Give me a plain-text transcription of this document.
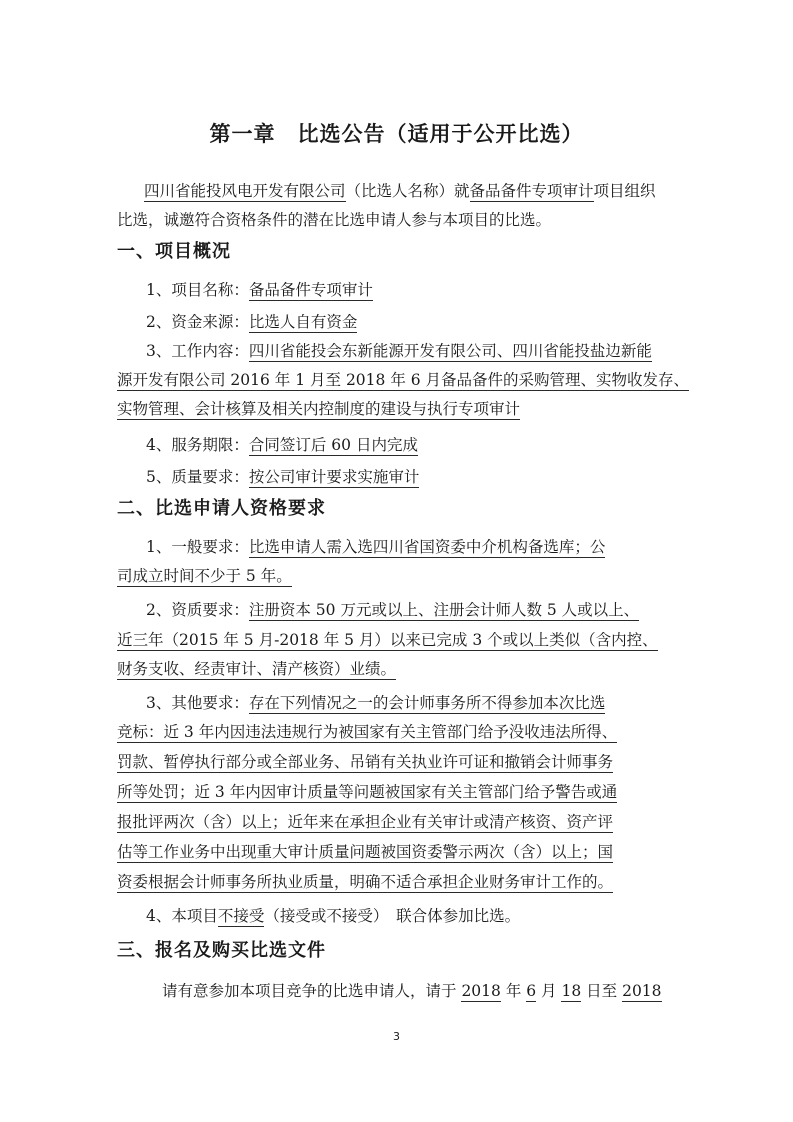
第一章　比选公告（适用于公开比选）
四川省能投风电开发有限公司（比选人名称）就备品备件专项审计项目组织
比选，诚邀符合资格条件的潜在比选申请人参与本项目的比选。
一、项目概况
1、项目名称：备品备件专项审计
2、资金来源：比选人自有资金
3、工作内容：四川省能投会东新能源开发有限公司、四川省能投盐边新能
源开发有限公司 2016 年 1 月至 2018 年 6 月备品备件的采购管理、实物收发存、
实物管理、会计核算及相关内控制度的建设与执行专项审计
4、服务期限：合同签订后 60 日内完成
5、质量要求：按公司审计要求实施审计
二、比选申请人资格要求
1、一般要求：比选申请人需入选四川省国资委中介机构备选库；公
司成立时间不少于 5 年。
2、资质要求：注册资本 50 万元或以上、注册会计师人数 5 人或以上、
近三年（2015 年 5 月-2018 年 5 月）以来已完成 3 个或以上类似（含内控、
财务支收、经责审计、清产核资）业绩。
3、其他要求：存在下列情况之一的会计师事务所不得参加本次比选
竞标：近 3 年内因违法违规行为被国家有关主管部门给予没收违法所得、
罚款、暂停执行部分或全部业务、吊销有关执业许可证和撤销会计师事务
所等处罚；近 3 年内因审计质量等问题被国家有关主管部门给予警告或通
报批评两次（含）以上；近年来在承担企业有关审计或清产核资、资产评
估等工作业务中出现重大审计质量问题被国资委警示两次（含）以上；国
资委根据会计师事务所执业质量，明确不适合承担企业财务审计工作的。
4、本项目不接受（接受或不接受）　联合体参加比选。
三、报名及购买比选文件
请有意参加本项目竞争的比选申请人，请于 2018 年 6 月 18 日至 2018
3
